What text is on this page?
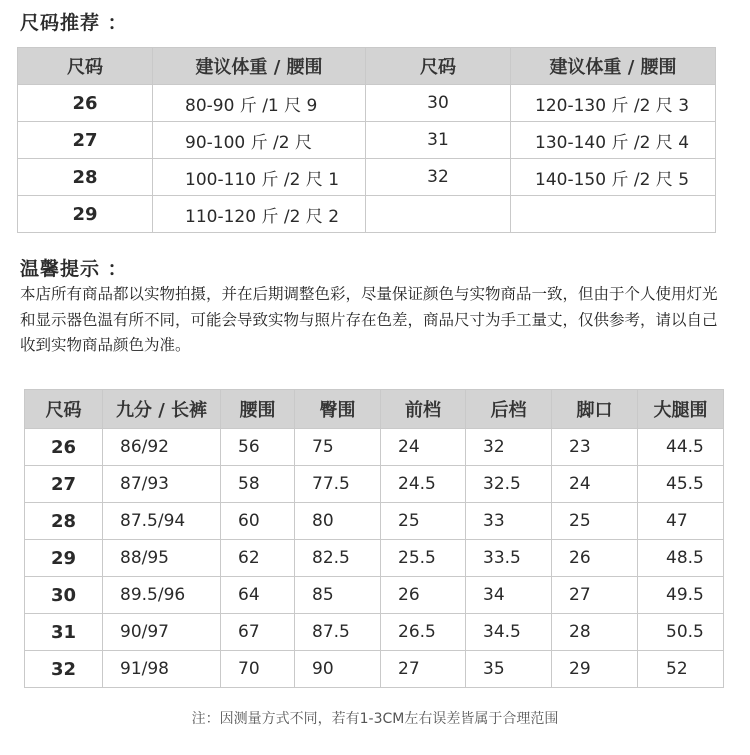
尺码推荐 ：
尺码	建议体重 / 腰围	尺码	建议体重 / 腰围
26	80-90 斤 /1 尺 9	30	120-130 斤 /2 尺 3
27	90-100 斤 /2 尺	31	130-140 斤 /2 尺 4
28	100-110 斤 /2 尺 1	32	140-150 斤 /2 尺 5
29	110-120 斤 /2 尺 2		
温馨提示 ：
本店所有商品都以实物拍摄，并在后期调整色彩，尽量保证颜色与实物商品一致，但由于个人使用灯光和显示器色温有所不同，可能会导致实物与照片存在色差，商品尺寸为手工量丈，仅供参考，请以自己收到实物商品颜色为准。
尺码	九分 / 长裤	腰围	臀围	前档	后档	脚口	大腿围
26	86/92	56	75	24	32	23	44.5
27	87/93	58	77.5	24.5	32.5	24	45.5
28	87.5/94	60	80	25	33	25	47
29	88/95	62	82.5	25.5	33.5	26	48.5
30	89.5/96	64	85	26	34	27	49.5
31	90/97	67	87.5	26.5	34.5	28	50.5
32	91/98	70	90	27	35	29	52
注：因测量方式不同，若有1-3CM左右误差皆属于合理范围
